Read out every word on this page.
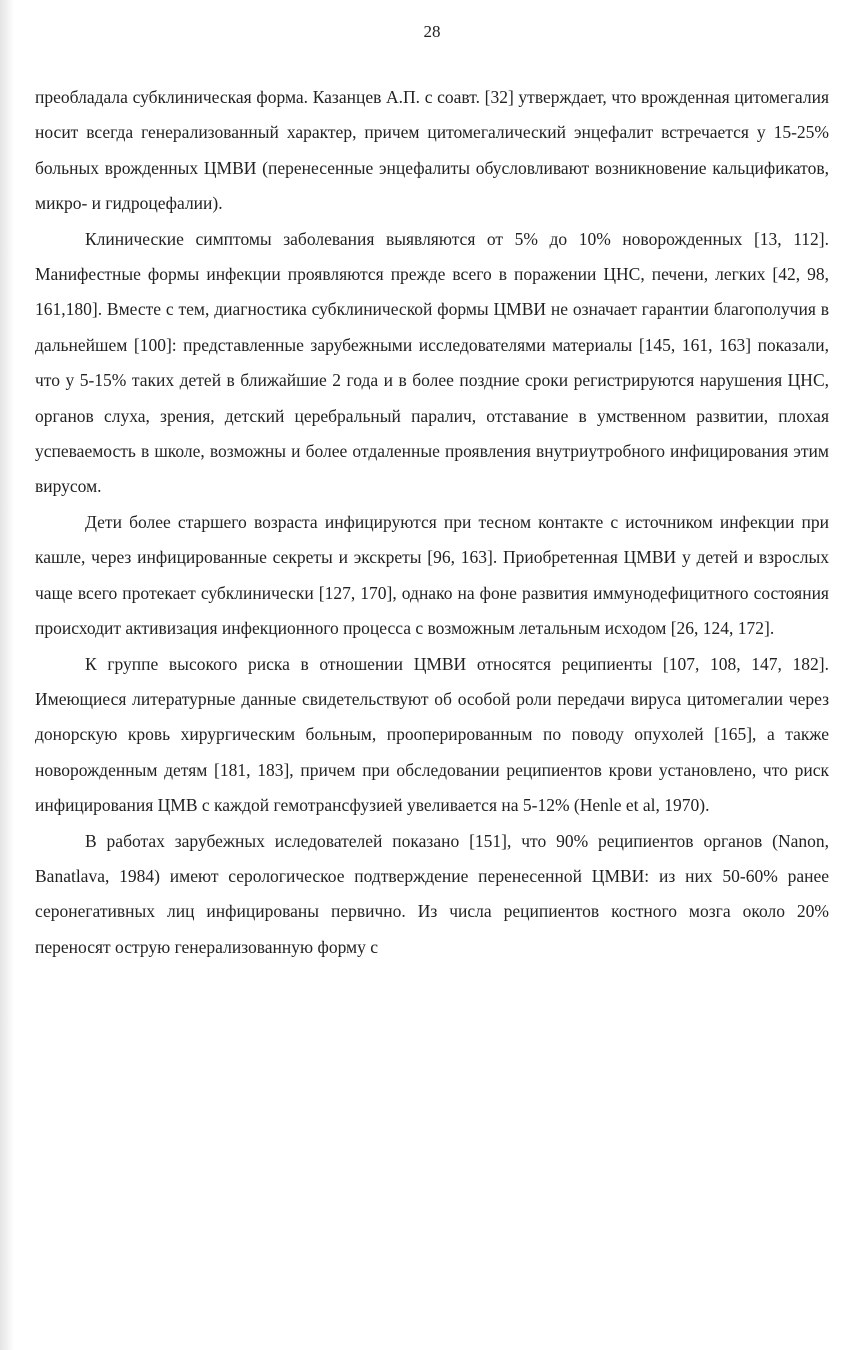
28

преобладала субклиническая форма. Казанцев А.П. с соавт. [32] утверждает, что врожденная цитомегалия носит всегда генерализованный характер, причем цитомегалический энцефалит встречается у 15-25% больных врожденных ЦМВИ (перенесенные энцефалиты обусловливают возникновение кальцификатов, микро- и гидроцефалии).

Клинические симптомы заболевания выявляются от 5% до 10% новорожденных [13, 112]. Манифестные формы инфекции проявляются прежде всего в поражении ЦНС, печени, легких [42, 98, 161,180]. Вместе с тем, диагностика субклинической формы ЦМВИ не означает гарантии благополучия в дальнейшем [100]: представленные зарубежными исследователями материалы [145, 161, 163] показали, что у 5-15% таких детей в ближайшие 2 года и в более поздние сроки регистрируются нарушения ЦНС, органов слуха, зрения, детский церебральный паралич, отставание в умственном развитии, плохая успеваемость в школе, возможны и более отдаленные проявления внутриутробного инфицирования этим вирусом.

Дети более старшего возраста инфицируются при тесном контакте с источником инфекции при кашле, через инфицированные секреты и экскреты [96, 163]. Приобретенная ЦМВИ у детей и взрослых чаще всего протекает субклинически [127, 170], однако на фоне развития иммунодефицитного состояния происходит активизация инфекционного процесса с возможным летальным исходом [26, 124, 172].

К группе высокого риска в отношении ЦМВИ относятся реципиенты [107, 108, 147, 182]. Имеющиеся литературные данные свидетельствуют об особой роли передачи вируса цитомегалии через донорскую кровь хирургическим больным, прооперированным по поводу опухолей [165], а также новорожденным детям [181, 183], причем при обследовании реципиентов крови установлено, что риск инфицирования ЦМВ с каждой гемотрансфузией увеливается на 5-12% (Henle et al, 1970).

В работах зарубежных иследователей показано [151], что 90% реципиентов органов (Nanon, Banatlava, 1984) имеют серологическое подтверждение перенесенной ЦМВИ: из них 50-60% ранее серонегативных лиц инфицированы первично. Из числа реципиентов костного мозга около 20% переносят острую генерализованную форму с
